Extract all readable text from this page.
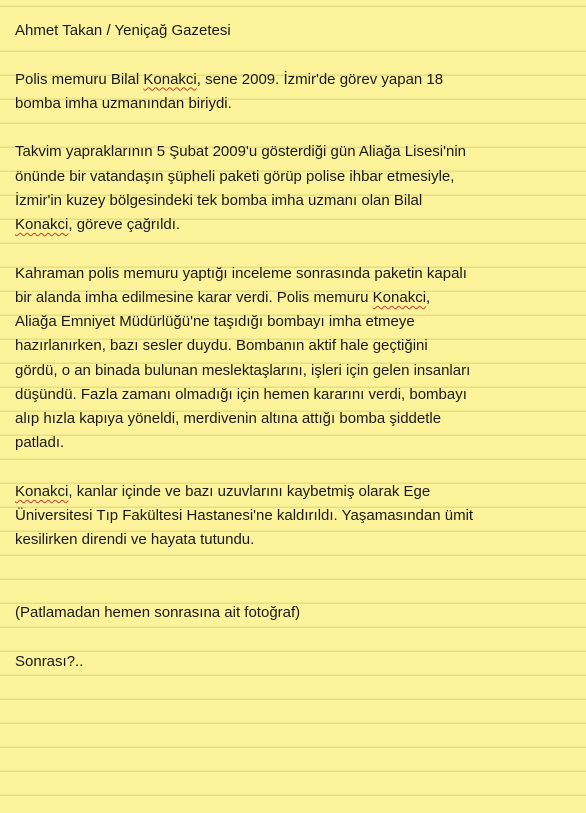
Ahmet Takan / Yeniçağ Gazetesi
Polis memuru Bilal Konakci, sene 2009. İzmir'de görev yapan 18
bomba imha uzmanından biriydi.
Takvim yapraklarının 5 Şubat 2009'u gösterdiği gün Aliağa Lisesi'nin
önünde bir vatandaşın şüpheli paketi görüp polise ihbar etmesiyle,
İzmir'in kuzey bölgesindeki tek bomba imha uzmanı olan Bilal
Konakci, göreve çağrıldı.
Kahraman polis memuru yaptığı inceleme sonrasında paketin kapalı
bir alanda imha edilmesine karar verdi. Polis memuru Konakci,
Aliağa Emniyet Müdürlüğü'ne taşıdığı bombayı imha etmeye
hazırlanırken, bazı sesler duydu. Bombanın aktif hale geçtiğini
gördü, o an binada bulunan meslektaşlarını, işleri için gelen insanları
düşündü. Fazla zamanı olmadığı için hemen kararını verdi, bombayı
alıp hızla kapıya yöneldi, merdivenin altına attığı bomba şiddetle
patladı.
Konakci, kanlar içinde ve bazı uzuvlarını kaybetmiş olarak Ege
Üniversitesi Tıp Fakültesi Hastanesi'ne kaldırıldı. Yaşamasından ümit
kesilirken direndi ve hayata tutundu.
(Patlamadan hemen sonrasına ait fotoğraf)
Sonrası?..
